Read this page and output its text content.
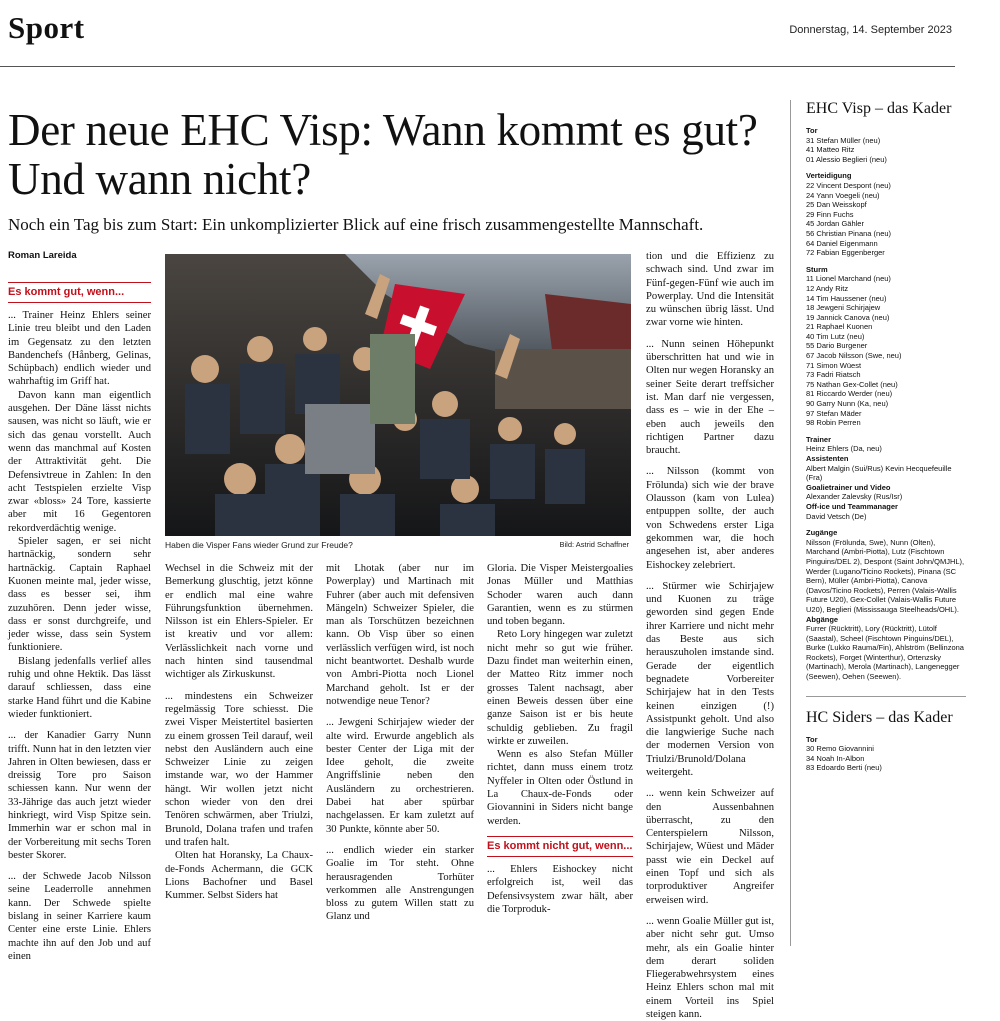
Sport	Donnerstag, 14. September 2023
Der neue EHC Visp: Wann kommt es gut? Und wann nicht?
Noch ein Tag bis zum Start: Ein unkomplizierter Blick auf eine frisch zusammengestellte Mannschaft.
Roman Lareida
Es kommt gut, wenn...

... Trainer Heinz Ehlers seiner Linie treu bleibt und den Laden im Gegensatz zu den letzten Bandenchefs (Hånberg, Gelinas, Schüpbach) endlich wieder und wahrhaftig im Griff hat.

Davon kann man eigentlich ausgehen. Der Däne lässt nichts sausen, was nicht so läuft, wie er sich das genau vorstellt. Auch wenn das manchmal auf Kosten der Attraktivität geht. Die Defensivtreue in Zahlen: In den acht Testspielen erzielte Visp zwar «bloss» 24 Tore, kassierte aber mit 16 Gegentoren rekordverdächtig wenige.

Spieler sagen, er sei nicht hartnäckig, sondern sehr hartnäckig. Captain Raphael Kuonen meinte mal, jeder wisse, dass es besser sei, ihm zuzuhören. Denn jeder wisse, dass er sonst durchgreife, und jeder wisse, dass sein System funktioniere.

Bislang jedenfalls verlief alles ruhig und ohne Hektik. Das lässt darauf schliessen, dass eine starke Hand führt und die Kabine wieder funktioniert.

... der Kanadier Garry Nunn trifft. Nunn hat in den letzten vier Jahren in Olten bewiesen, dass er dreissig Tore pro Saison schiessen kann. Nur wenn der 33-Jährige das auch jetzt wieder hinkriegt, wird Visp Spitze sein. Immerhin war er schon mal in der Vorbereitung mit sechs Toren bester Skorer.

... der Schwede Jacob Nilsson seine Leaderrolle annehmen kann. Der Schwede spielte bislang in seiner Karriere kaum Center eine erste Linie. Ehlers machte ihn auf den Job und auf einen

Haben die Visper Fans wieder Grund zur Freude?	Bild: Astrid Schaffner

Wechsel in die Schweiz mit der Bemerkung gluschtig, jetzt könne er endlich mal eine wahre Führungsfunktion übernehmen. Nilsson ist ein Ehlers-Spieler. Er ist kreativ und vor allem: Verlässlichkeit nach vorne und nach hinten sind tausendmal wichtiger als Zirkuskunst.

... mindestens ein Schweizer regelmässig Tore schiesst. Die zwei Visper Meistertitel basierten zu einem grossen Teil darauf, weil nebst den Ausländern auch eine Schweizer Linie zu zeigen imstande war, wo der Hammer hängt. Wir wollen jetzt nicht schon wieder von den drei Tenören schwärmen, aber Triulzi, Brunold, Dolana trafen und trafen und trafen halt.

Olten hat Horansky, La Chaux-de-Fonds Achermann, die GCK Lions Bachofner und Basel Kummer. Selbst Siders hat

mit Lhotak (aber nur im Powerplay) und Martinach mit Fuhrer (aber auch mit defensiven Mängeln) Schweizer Spieler, die man als Torschützen bezeichnen kann. Ob Visp über so einen verlässlich verfügen wird, ist noch nicht beantwortet. Deshalb wurde von Ambri-Piotta noch Lionel Marchand geholt. Ist er der notwendige neue Tenor?

... Jewgeni Schirjajew wieder der alte wird. Erwurde angeblich als bester Center der Liga mit der Idee geholt, die zweite Angriffslinie neben den Ausländern zu orchestrieren. Dabei hat aber spürbar nachgelassen. Er kam zuletzt auf 30 Punkte, könnte aber 50.

... endlich wieder ein starker Goalie im Tor steht. Ohne herausragenden Torhüter verkommen alle Anstrengungen bloss zu gutem Willen statt zu Glanz und

Gloria. Die Visper Meistergoalies Jonas Müller und Matthias Schoder waren auch dann Garantien, wenn es zu stürmen und toben begann.

Reto Lory hingegen war zuletzt nicht mehr so gut wie früher. Dazu findet man weiterhin einen, der Matteo Ritz immer noch grosses Talent nachsagt, aber einen Beweis dessen über eine ganze Saison ist er bis heute schuldig geblieben. Zu fragil wirkte er zuweilen.

Wenn es also Stefan Müller richtet, dann muss einem trotz Nyffeler in Olten oder Östlund in La Chaux-de-Fonds oder Giovannini in Siders nicht bange werden.

Es kommt nicht gut, wenn...

... Ehlers Eishockey nicht erfolgreich ist, weil das Defensivsystem zwar hält, aber die Torproduk-

tion und die Effizienz zu schwach sind. Und zwar im Fünf-gegen-Fünf wie auch im Powerplay. Und die Intensität zu wünschen übrig lässt. Und zwar vorne wie hinten.

... Nunn seinen Höhepunkt überschritten hat und wie in Olten nur wegen Horansky an seiner Seite derart treffsicher ist. Man darf nie vergessen, dass es – wie in der Ehe – eben auch jeweils den richtigen Partner dazu braucht.

... Nilsson (kommt von Frölunda) sich wie der brave Olausson (kam von Lulea) entpuppen sollte, der auch von Schwedens erster Liga gekommen war, die hoch angesehen ist, aber anderes Eishockey zelebriert.

... Stürmer wie Schirjajew und Kuonen zu träge geworden sind gegen Ende ihrer Karriere und nicht mehr das Beste aus sich herauszuholen imstande sind. Gerade der eigentlich begnadete Vorbereiter Schirjajew hat in den Tests keinen einzigen (!) Assistpunkt geholt. Und also die langwierige Suche nach der modernen Version von Triulzi/Brunold/Dolana weitergeht.

... wenn kein Schweizer auf den Aussenbahnen überrascht, zu den Centerspielern Nilsson, Schirjajew, Wüest und Mäder passt wie ein Deckel auf einen Topf und sich als torproduktiver Angreifer erweisen wird.

... wenn Goalie Müller gut ist, aber nicht sehr gut. Umso mehr, als ein Goalie hinter dem derart soliden Fliegerabwehrsystem eines Heinz Ehlers schon mal mit einem Vorteil ins Spiel steigen kann.

EHC Visp – das Kader
Tor
31 Stefan Müller (neu)
41 Matteo Ritz
01 Alessio Beglieri (neu)
Verteidigung
22 Vincent Despont (neu)
24 Yann Voegeli (neu)
25 Dan Weisskopf
29 Finn Fuchs
45 Jordan Gähler
56 Christian Pinana (neu)
64 Daniel Eigenmann
72 Fabian Eggenberger
Sturm
11 Lionel Marchand (neu)
12 Andy Ritz
14 Tim Haussener (neu)
18 Jewgeni Schirjajew
19 Jannick Canova (neu)
21 Raphael Kuonen
40 Tim Lutz (neu)
55 Dario Burgener
67 Jacob Nilsson (Swe, neu)
71 Simon Wüest
73 Fadri Riatsch
75 Nathan Gex-Collet (neu)
81 Riccardo Werder (neu)
90 Garry Nunn (Ka, neu)
97 Stefan Mäder
98 Robin Perren
Trainer
Heinz Ehlers (Da, neu)
Assistenten
Albert Malgin (Sui/Rus) Kevin Hecquefeuille (Fra)
Goalietrainer und Video
Alexander Zalevsky (Rus/Isr)
Off-ice und Teammanager
David Vetsch (De)
Zugänge
Nilsson (Frölunda, Swe), Nunn (Olten), Marchand (Ambri-Piotta), Lutz (Fischtown Pinguins/DEL 2), Despont (Saint John/QMJHL), Werder (Lugano/Ticino Rockets), Pinana (SC Bern), Müller (Ambri-Piotta), Canova (Davos/Ticino Rockets), Perren (Valais-Wallis Future U20), Gex-Collet (Valais-Wallis Future U20), Beglieri (Mississauga Steelheads/OHL).
Abgänge
Furrer (Rücktritt), Lory (Rücktritt), Lütolf (Saastal), Scheel (Fischtown Pinguins/DEL), Burke (Lukko Rauma/Fin), Ahlström (Bellinzona Rockets), Forget (Winterthur), Ortenzsky (Martinach), Merola (Martinach), Langenegger (Seewen), Oehen (Seewen).
HC Siders – das Kader
Tor
30 Remo Giovannini
34 Noah In-Albon
83 Edoardo Berti (neu)
